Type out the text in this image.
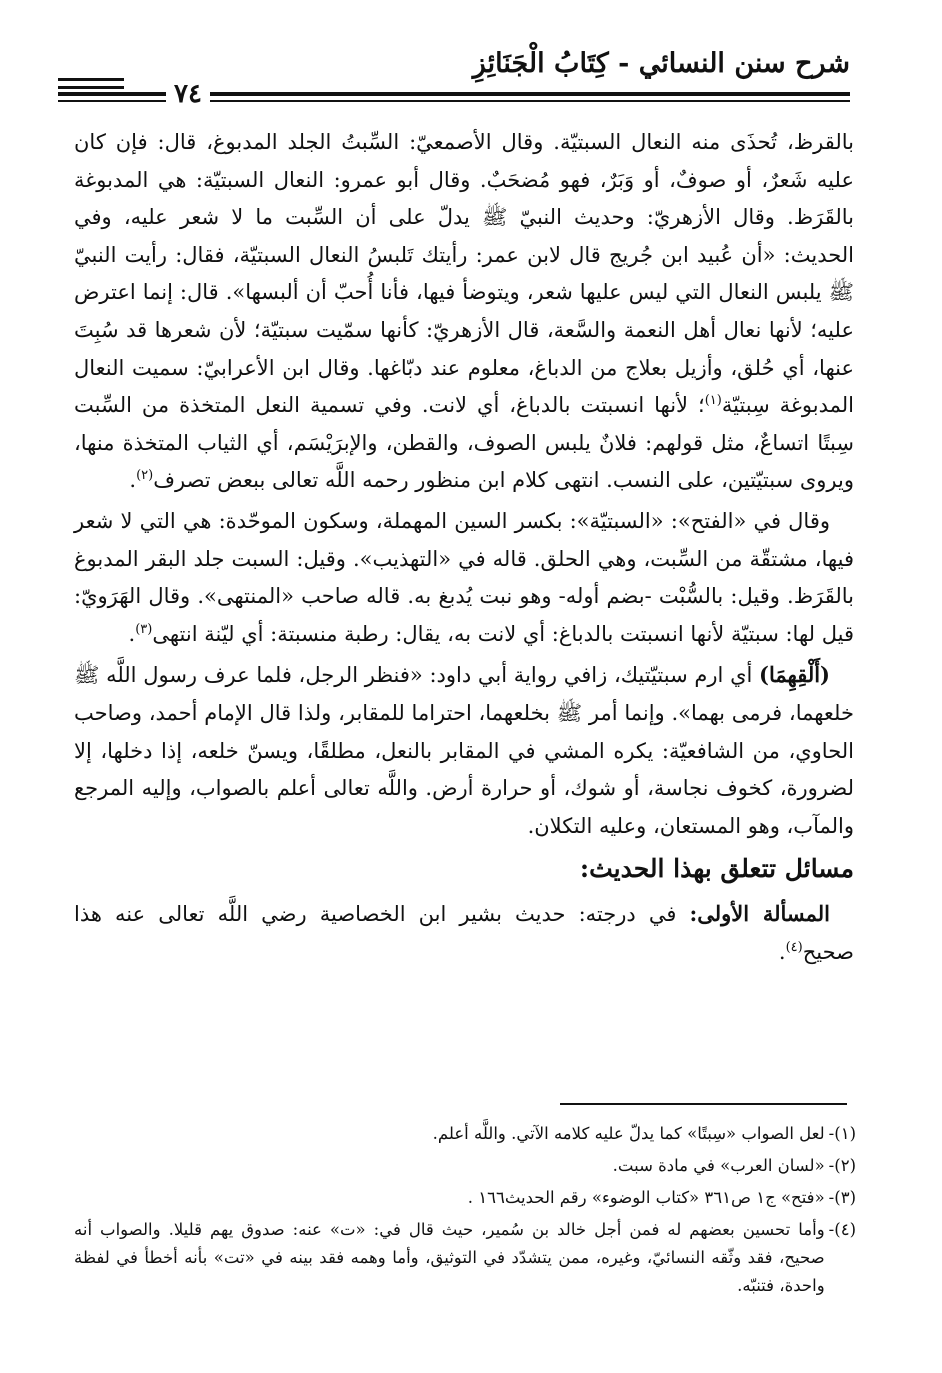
شرح سنن النسائي - كِتَابُ الْجَنَائِزِ
٧٤

بالقرظ، تُحذَى منه النعال السبتيّة. وقال الأصمعيّ: السِّبتُ الجلد المدبوغ، قال: فإن كان عليه شَعرٌ، أو صوفٌ، أو وَبَرٌ، فهو مُضحَبٌ. وقال أبو عمرو: النعال السبتيّة: هي المدبوغة بالقَرَظ. وقال الأزهريّ: وحديث النبيّ ﷺ يدلّ على أن السِّبت ما لا شعر عليه، وفي الحديث: «أن عُبيد ابن جُريج قال لابن عمر: رأيتك تَلبسُ النعال السبتيّة، فقال: رأيت النبيّ ﷺ يلبس النعال التي ليس عليها شعر، ويتوضأ فيها، فأنا أُحبّ أن ألبسها». قال: إنما اعترض عليه؛ لأنها نعال أهل النعمة والسَّعة، قال الأزهريّ: كأنها سمّيت سبتيّة؛ لأن شعرها قد سُبِتَ عنها، أي حُلق، وأزيل بعلاج من الدباغ، معلوم عند دبّاغها. وقال ابن الأعرابيّ: سميت النعال المدبوغة سِبتيّة$^{(١)}$؛ لأنها انسبتت بالدباغ، أي لانت. وفي تسمية النعل المتخذة من السِّبت سِبتًا اتساعٌ، مثل قولهم: فلانٌ يلبس الصوف، والقطن، والإبرَيْسَم، أي الثياب المتخذة منها، ويروى سبتيّتين، على النسب. انتهى كلام ابن منظور رحمه اللَّه تعالى ببعض تصرف$^{(٢)}$.

وقال في «الفتح»: «السبتيّة»: بكسر السين المهملة، وسكون الموحّدة: هي التي لا شعر فيها، مشتقّة من السِّبت، وهي الحلق. قاله في «التهذيب». وقيل: السبت جلد البقر المدبوغ بالقَرَظ. وقيل: بالسُّبْت -بضم أوله- وهو نبت يُدبغ به. قاله صاحب «المنتهى». وقال الهَرَويّ: قيل لها: سبتيّة لأنها انسبتت بالدباغ: أي لانت به، يقال: رطبة منسبتة: أي ليّنة انتهى$^{(٣)}$.

(أَلْقِهِمَا) أي ارم سبتيّتيك، زافي رواية أبي داود: «فنظر الرجل، فلما عرف رسول اللَّه ﷺ خلعهما، فرمى بهما». وإنما أمر ﷺ بخلعهما، احتراما للمقابر، ولذا قال الإمام أحمد، وصاحب الحاوي، من الشافعيّة: يكره المشي في المقابر بالنعل، مطلقًا، ويسنّ خلعه، إذا دخلها، إلا لضرورة، كخوف نجاسة، أو شوك، أو حرارة أرض. واللَّه تعالى أعلم بالصواب، وإليه المرجع والمآب، وهو المستعان، وعليه التكلان.

مسائل تتعلق بهذا الحديث:

المسألة الأولى: في درجته: حديث بشير ابن الخصاصية رضي اللَّه تعالى عنه هذا صحيح$^{(٤)}$.

(١)-
لعل الصواب «سِبتًا» كما يدلّ عليه كلامه الآتي. واللَّه أعلم.
(٢)-
«لسان العرب» في مادة سبت.
(٣)-
«فتح» ج١ ص٣٦١ «كتاب الوضوء» رقم الحديث١٦٦ .
(٤)-
وأما تحسين بعضهم له فمن أجل خالد بن سُمير، حيث قال في: «ت» عنه: صدوق يهم قليلا. والصواب أنه صحيح، فقد وثّقه النسائيّ، وغيره، ممن يتشدّد في التوثيق، وأما وهمه فقد بينه في «تت» بأنه أخطأ في لفظة واحدة، فتنبّه.
